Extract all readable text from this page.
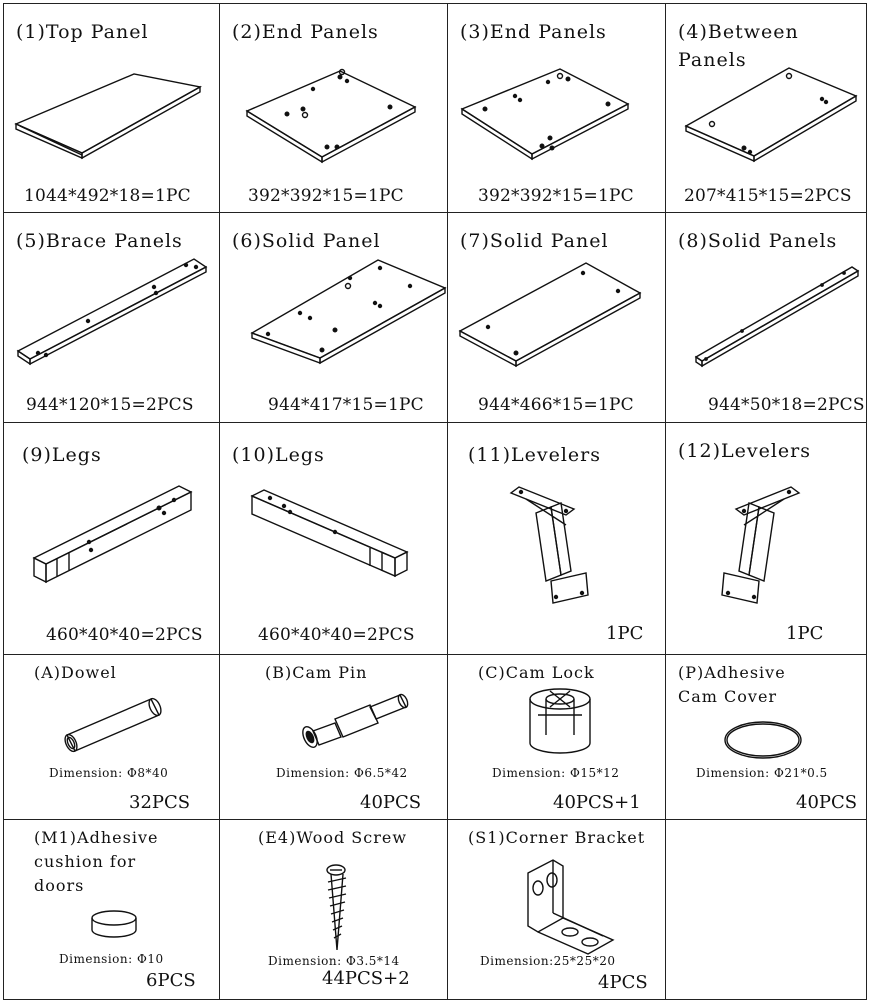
(1)Top Panel
1044*492*18=1PC
(2)End Panels
392*392*15=1PC
(3)End Panels
392*392*15=1PC
(4)Between
Panels
207*415*15=2PCS
(5)Brace Panels
944*120*15=2PCS
(6)Solid Panel
944*417*15=1PC
(7)Solid Panel
944*466*15=1PC
(8)Solid Panels
944*50*18=2PCS
(9)Legs
460*40*40=2PCS
(10)Legs
460*40*40=2PCS
(11)Levelers
1PC
(12)Levelers
1PC
(A)Dowel
Dimension: Φ8*40
32PCS
(B)Cam Pin
Dimension: Φ6.5*42
40PCS
(C)Cam Lock
Dimension: Φ15*12
40PCS+1
(P)Adhesive
Cam Cover
Dimension: Φ21*0.5
40PCS
(M1)Adhesive
cushion for
doors
Dimension: Φ10
6PCS
(E4)Wood Screw
Dimension: Φ3.5*14
44PCS+2
(S1)Corner Bracket
Dimension:25*25*20
4PCS
